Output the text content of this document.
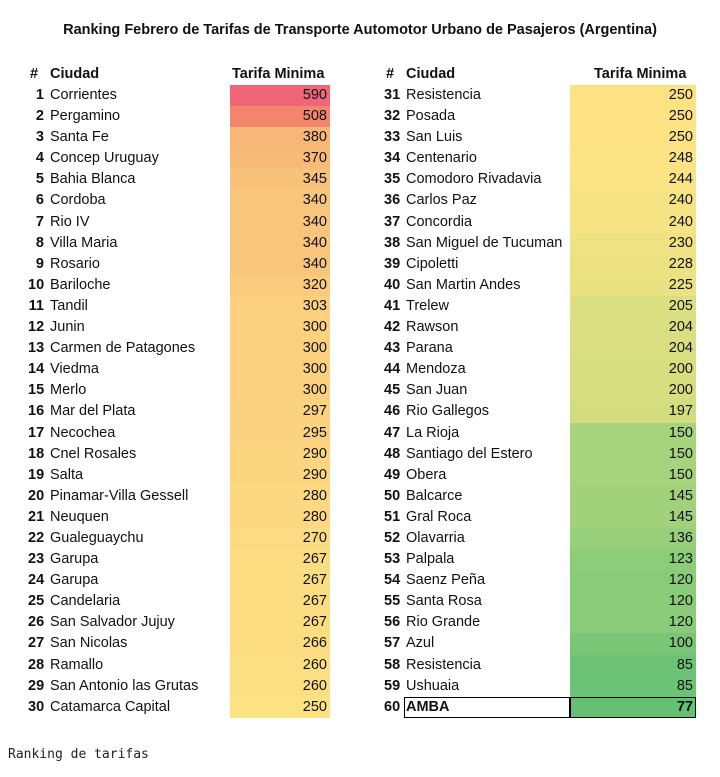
Ranking Febrero de Tarifas de Transporte Automotor Urbano de Pasajeros (Argentina)
# Ciudad	Tarifa Minima
1 Corrientes	590
2 Pergamino	508
3 Santa Fe	380
4 Concep Uruguay	370
5 Bahia Blanca	345
6 Cordoba	340
7 Rio IV	340
8 Villa Maria	340
9 Rosario	340
10 Bariloche	320
11 Tandil	303
12 Junin	300
13 Carmen de Patagones	300
14 Viedma	300
15 Merlo	300
16 Mar del Plata	297
17 Necochea	295
18 Cnel Rosales	290
19 Salta	290
20 Pinamar-Villa Gessell	280
21 Neuquen	280
22 Gualeguaychu	270
23 Garupa	267
24 Garupa	267
25 Candelaria	267
26 San Salvador Jujuy	267
27 San Nicolas	266
28 Ramallo	260
29 San Antonio las Grutas	260
30 Catamarca Capital	250
# Ciudad	Tarifa Minima
31 Resistencia	250
32 Posada	250
33 San Luis	250
34 Centenario	248
35 Comodoro Rivadavia	244
36 Carlos Paz	240
37 Concordia	240
38 San Miguel de Tucuman	230
39 Cipoletti	228
40 San Martin Andes	225
41 Trelew	205
42 Rawson	204
43 Parana	204
44 Mendoza	200
45 San Juan	200
46 Rio Gallegos	197
47 La Rioja	150
48 Santiago del Estero	150
49 Obera	150
50 Balcarce	145
51 Gral Roca	145
52 Olavarria	136
53 Palpala	123
54 Saenz Peña	120
55 Santa Rosa	120
56 Rio Grande	120
57 Azul	100
58 Resistencia	85
59 Ushuaia	85
60 AMBA	77
Ranking de tarifas
